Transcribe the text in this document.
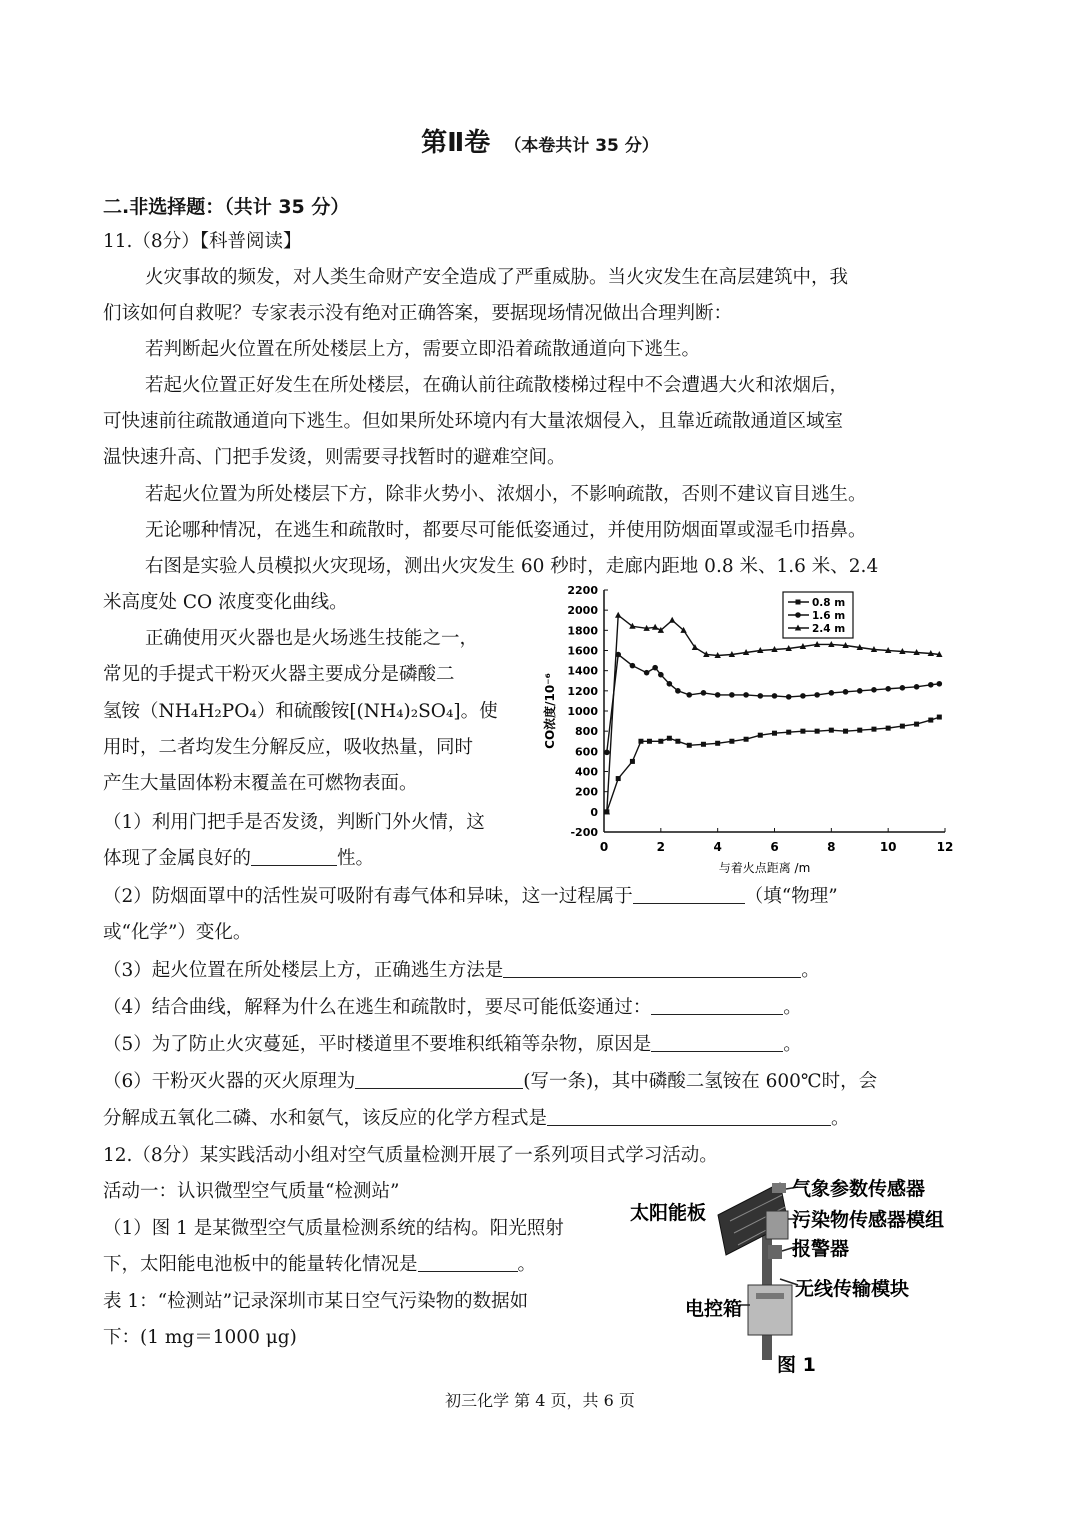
第Ⅱ卷 （本卷共计 35 分）
二.非选择题：（共计 35 分）
11.（8分）【科普阅读】
火灾事故的频发，对人类生命财产安全造成了严重威胁。当火灾发生在高层建筑中，我
们该如何自救呢？专家表示没有绝对正确答案，要据现场情况做出合理判断：
若判断起火位置在所处楼层上方，需要立即沿着疏散通道向下逃生。
若起火位置正好发生在所处楼层，在确认前往疏散楼梯过程中不会遭遇大火和浓烟后，
可快速前往疏散通道向下逃生。但如果所处环境内有大量浓烟侵入，且靠近疏散通道区域室
温快速升高、门把手发烫，则需要寻找暂时的避难空间。
若起火位置为所处楼层下方，除非火势小、浓烟小，不影响疏散，否则不建议盲目逃生。
无论哪种情况，在逃生和疏散时，都要尽可能低姿通过，并使用防烟面罩或湿毛巾捂鼻。
右图是实验人员模拟火灾现场，测出火灾发生 60 秒时，走廊内距地 0.8 米、1.6 米、2.4
米高度处 CO 浓度变化曲线。
正确使用灭火器也是火场逃生技能之一，
常见的手提式干粉灭火器主要成分是磷酸二
氢铵（NH₄H₂PO₄）和硫酸铵[(NH₄)₂SO₄]。使
用时，二者均发生分解反应，吸收热量，同时
产生大量固体粉末覆盖在可燃物表面。
（1）利用门把手是否发烫，判断门外火情，这
体现了金属良好的	性。
（2）防烟面罩中的活性炭可吸附有毒气体和异味，这一过程属于	（填“物理”
或“化学”）变化。
（3）起火位置在所处楼层上方，正确逃生方法是	。
（4）结合曲线，解释为什么在逃生和疏散时，要尽可能低姿通过：	。
（5）为了防止火灾蔓延，平时楼道里不要堆积纸箱等杂物，原因是	。
（6）干粉灭火器的灭火原理为	(写一条)，其中磷酸二氢铵在 600℃时，会
分解成五氧化二磷、水和氨气，该反应的化学方程式是	。
12.（8分）某实践活动小组对空气质量检测开展了一系列项目式学习活动。
活动一：认识微型空气质量“检测站”
（1）图 1 是某微型空气质量检测系统的结构。阳光照射
下，太阳能电池板中的能量转化情况是	。
表 1：“检测站”记录深圳市某日空气污染物的数据如
下：(1 mg＝1000 μg)
太阳能板
气象参数传感器
污染物传感器模组
报警器
无线传输模块
电控箱
图 1
-200
0
200
400
600
800
1000
1200
1400
1600
1800
2000
2200
0	2	4	6	8	10	12
与着火点距离 /m
CO浓度/10⁻⁶
0.8 m
1.6 m
2.4 m
初三化学 第 4 页，共 6 页
